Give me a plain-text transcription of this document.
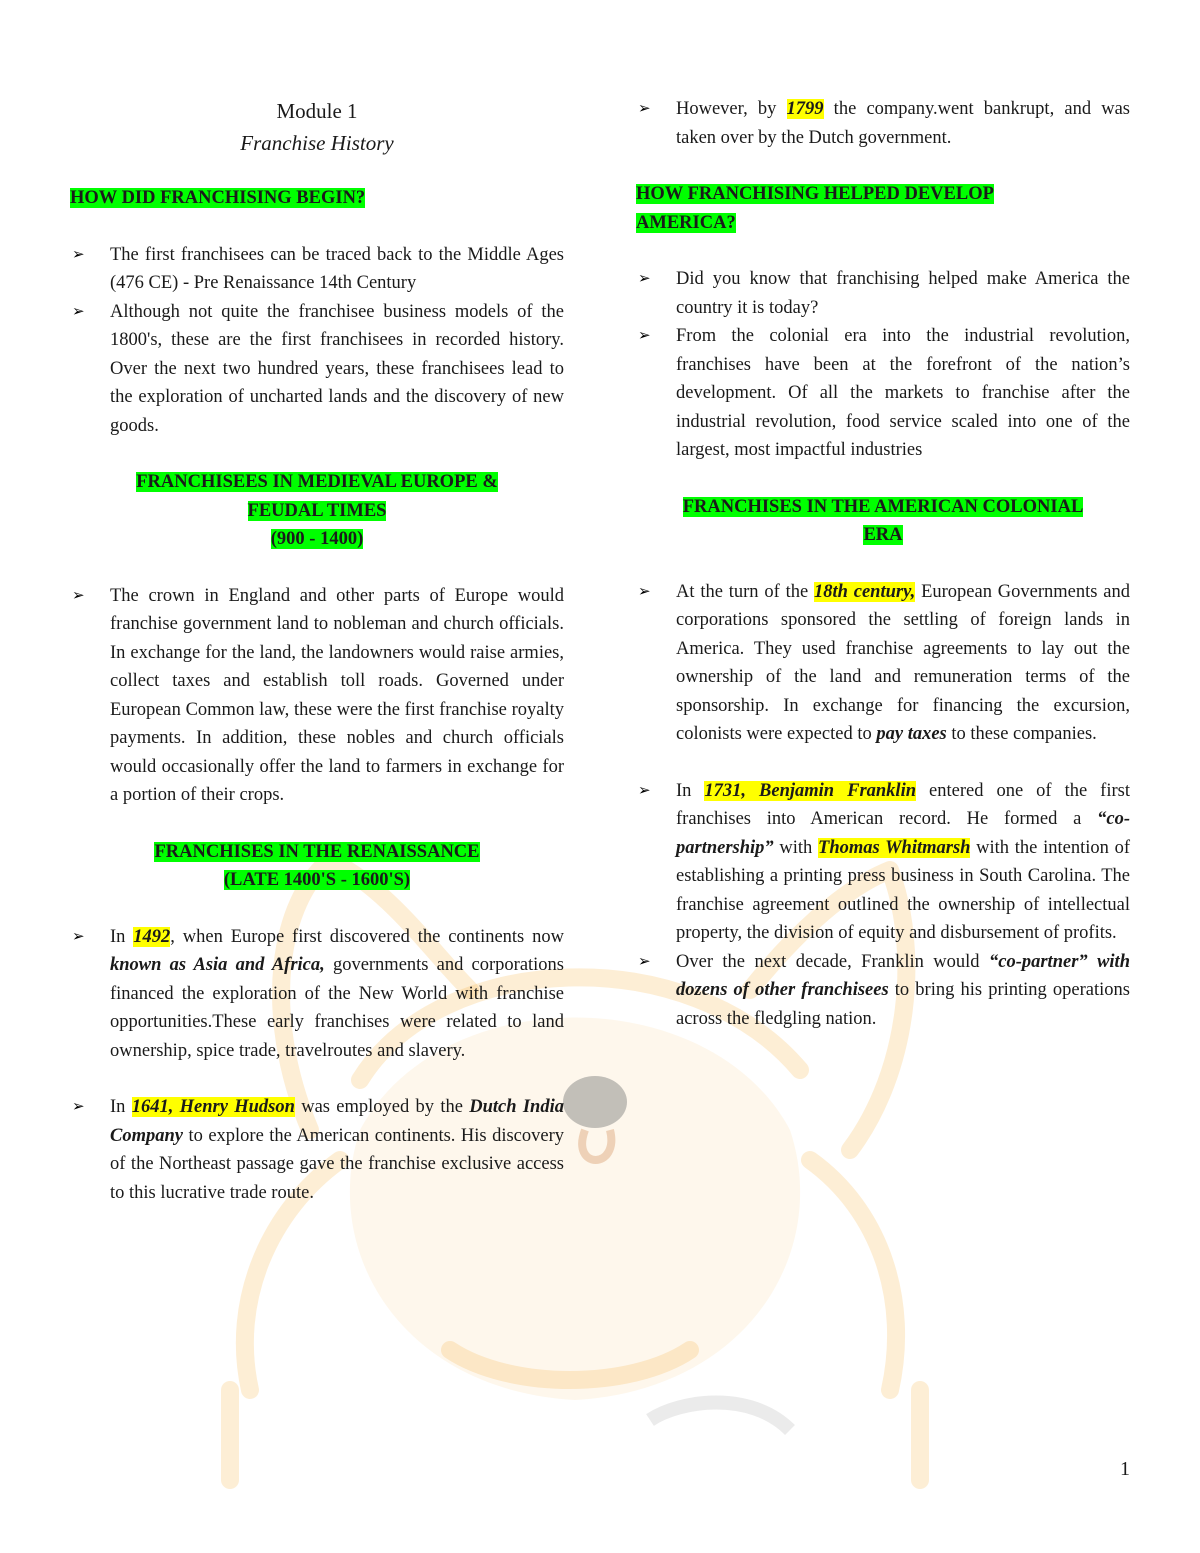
Module 1
Franchise History
HOW DID FRANCHISING BEGIN?
➢ The first franchisees can be traced back to the Middle Ages (476 CE) - Pre Renaissance 14th Century
➢ Although not quite the franchisee business models of the 1800's, these are the first franchisees in recorded history. Over the next two hundred years, these franchisees lead to the exploration of uncharted lands and the discovery of new goods.
FRANCHISEES IN MEDIEVAL EUROPE &
FEUDAL TIMES
(900 - 1400)
➢ The crown in England and other parts of Europe would franchise government land to nobleman and church officials. In exchange for the land, the landowners would raise armies, collect taxes and establish toll roads. Governed under European Common law, these were the first franchise royalty payments. In addition, these nobles and church officials would occasionally offer the land to farmers in exchange for a portion of their crops.
FRANCHISES IN THE RENAISSANCE
(LATE 1400'S - 1600'S)
➢ In 1492, when Europe first discovered the continents now known as Asia and Africa, governments and corporations financed the exploration of the New World with franchise opportunities.These early franchises were related to land ownership, spice trade, travelroutes and slavery.
➢ In 1641, Henry Hudson was employed by the Dutch India Company to explore the American continents. His discovery of the Northeast passage gave the franchise exclusive access to this lucrative trade route.
➢ However, by 1799 the company.went bankrupt, and was taken over by the Dutch government.
HOW FRANCHISING HELPED DEVELOP
AMERICA?
➢ Did you know that franchising helped make America the country it is today?
➢ From the colonial era into the industrial revolution, franchises have been at the forefront of the nation’s development. Of all the markets to franchise after the industrial revolution, food service scaled into one of the largest, most impactful industries
FRANCHISES IN THE AMERICAN COLONIAL
ERA
➢ At the turn of the 18th century, European Governments and corporations sponsored the settling of foreign lands in America. They used franchise agreements to lay out the ownership of the land and remuneration terms of the sponsorship. In exchange for financing the excursion, colonists were expected to pay taxes to these companies.
➢ In 1731, Benjamin Franklin entered one of the first franchises into American record. He formed a “co-partnership” with Thomas Whitmarsh with the intention of establishing a printing press business in South Carolina. The franchise agreement outlined the ownership of intellectual property, the division of equity and disbursement of profits.
➢ Over the next decade, Franklin would “co-partner” with dozens of other franchisees to bring his printing operations across the fledgling nation.
1
